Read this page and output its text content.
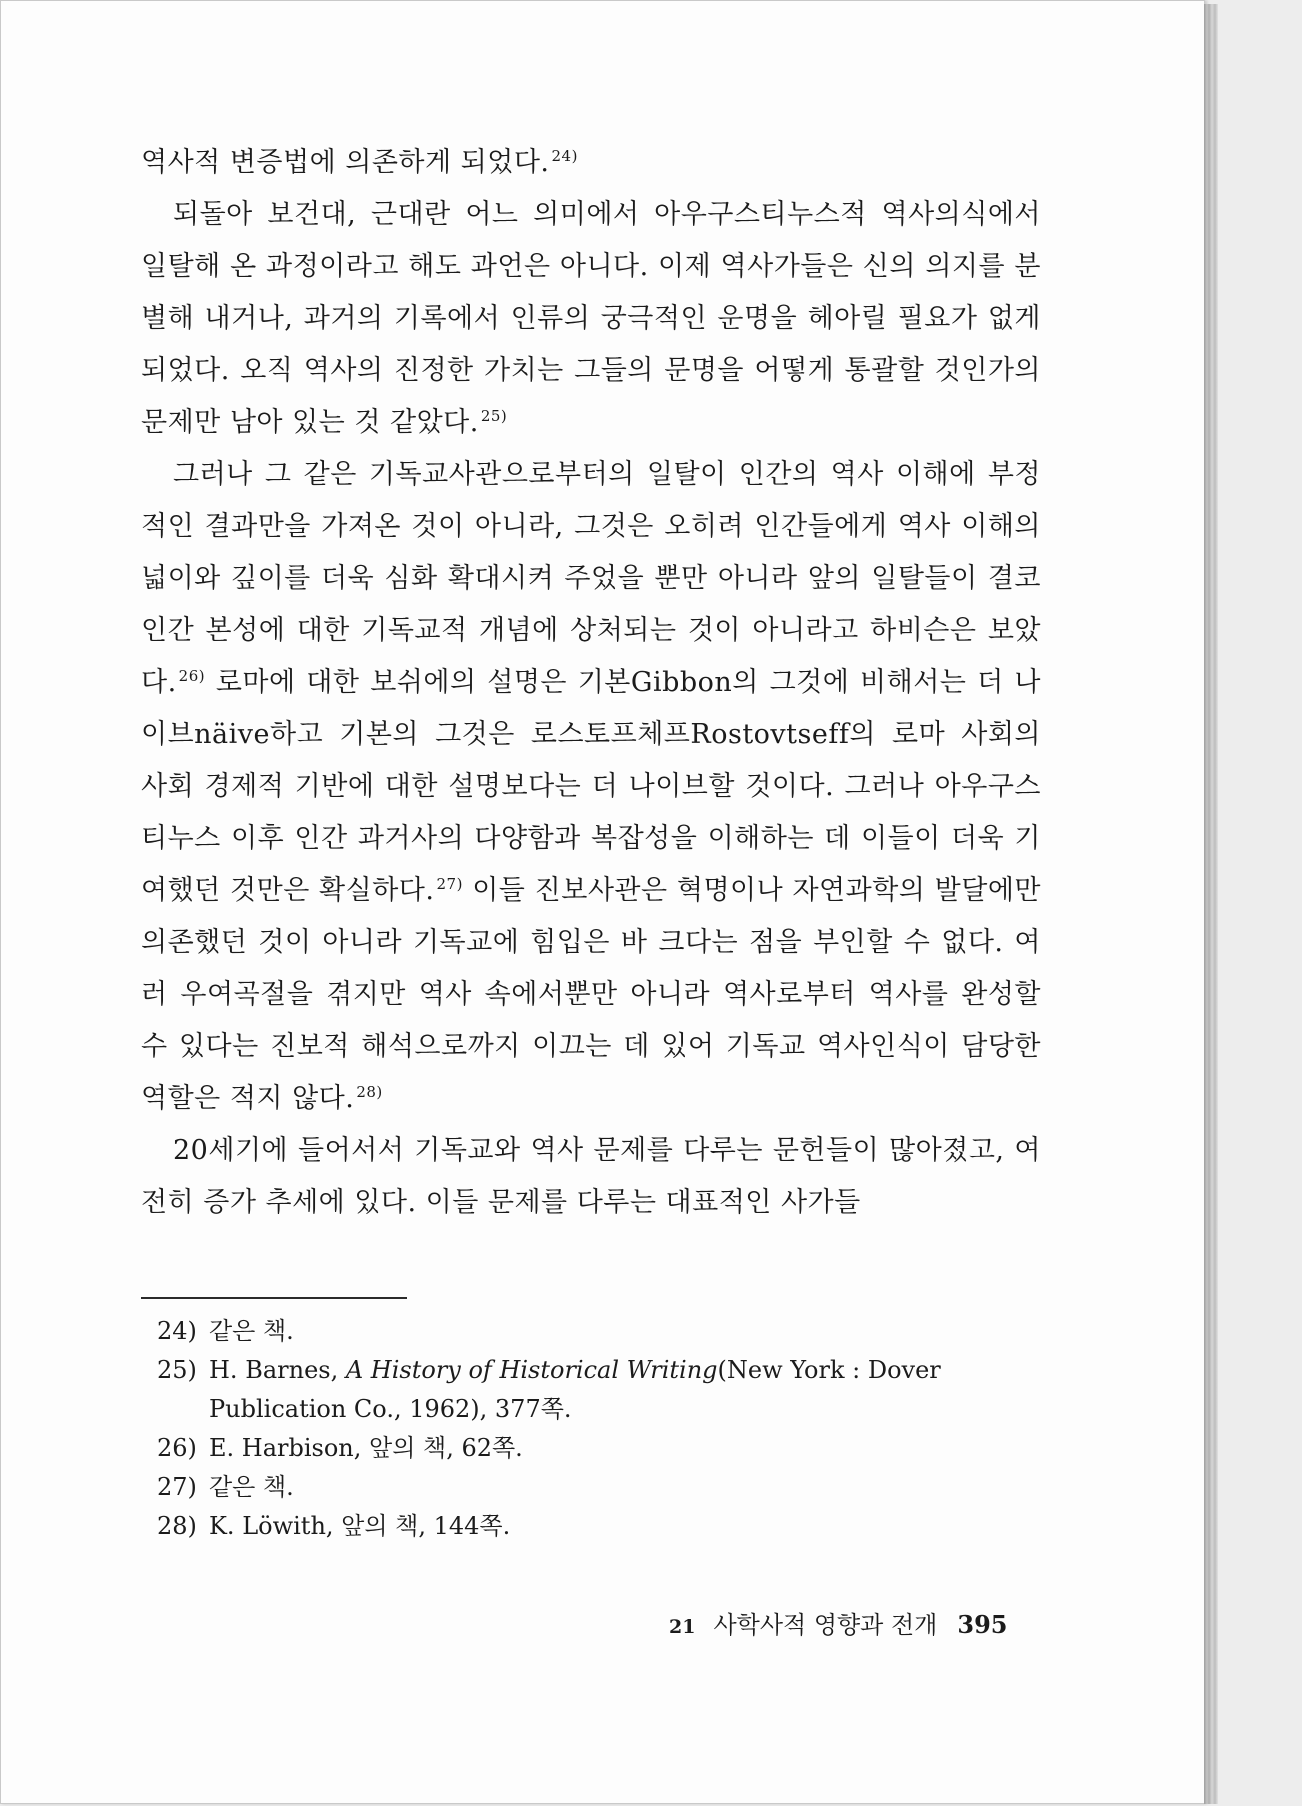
역사적 변증법에 의존하게 되었다. $^{24)}$

되돌아 보건대, 근대란 어느 의미에서 아우구스티누스적 역사의식에서 일탈해 온 과정이라고 해도 과언은 아니다. 이제 역사가들은 신의 의지를 분별해 내거나, 과거의 기록에서 인류의 궁극적인 운명을 헤아릴 필요가 없게 되었다. 오직 역사의 진정한 가치는 그들의 문명을 어떻게 통괄할 것인가의 문제만 남아 있는 것 같았다. $^{25)}$

그러나 그 같은 기독교사관으로부터의 일탈이 인간의 역사 이해에 부정적인 결과만을 가져온 것이 아니라, 그것은 오히려 인간들에게 역사 이해의 넓이와 깊이를 더욱 심화 확대시켜 주었을 뿐만 아니라 앞의 일탈들이 결코 인간 본성에 대한 기독교적 개념에 상처되는 것이 아니라고 하비슨은 보았다. $^{26)}$ 로마에 대한 보쉬에의 설명은 기본Gibbon의 그것에 비해서는 더 나이브näive하고 기본의 그것은 로스토프체프Rostovtseff의 로마 사회의 사회 경제적 기반에 대한 설명보다는 더 나이브할 것이다. 그러나 아우구스티누스 이후 인간 과거사의 다양함과 복잡성을 이해하는 데 이들이 더욱 기여했던 것만은 확실하다. $^{27)}$ 이들 진보사관은 혁명이나 자연과학의 발달에만 의존했던 것이 아니라 기독교에 힘입은 바 크다는 점을 부인할 수 없다. 여러 우여곡절을 겪지만 역사 속에서뿐만 아니라 역사로부터 역사를 완성할 수 있다는 진보적 해석으로까지 이끄는 데 있어 기독교 역사인식이 담당한 역할은 적지 않다. $^{28)}$

20세기에 들어서서 기독교와 역사 문제를 다루는 문헌들이 많아졌고, 여전히 증가 추세에 있다. 이들 문제를 다루는 대표적인 사가들

24) 같은 책.
25) H. Barnes, A History of Historical Writing(New York : Dover Publication Co., 1962), 377쪽.
26) E. Harbison, 앞의 책, 62쪽.
27) 같은 책.
28) K. Löwith, 앞의 책, 144쪽.
21 사학사적 영향과 전개 395
